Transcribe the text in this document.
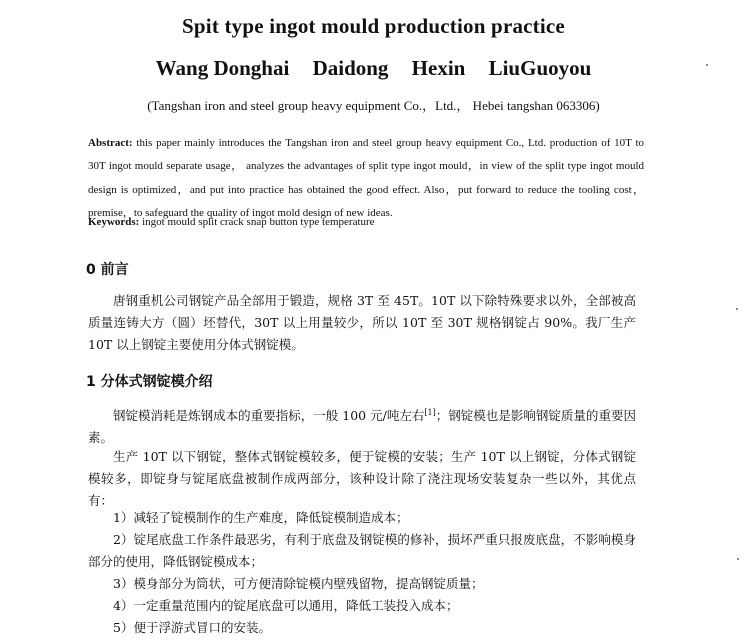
Spit type ingot mould production practice
Wang Donghai Daidong Hexin LiuGuoyou
(Tangshan iron and steel group heavy equipment Co.，Ltd.， Hebei tangshan 063306)
Abstract: this paper mainly introduces the Tangshan iron and steel group heavy equipment Co., Ltd. production of 10T to 30T ingot mould separate usage， analyzes the advantages of split type ingot mould，in view of the split type ingot mould design is optimized，and put into practice has obtained the good effect. Also，put forward to reduce the tooling cost，premise，to safeguard the quality of ingot mold design of new ideas.
Keywords: ingot mould split crack snap button type temperature
0 前言
唐钢重机公司钢锭产品全部用于锻造，规格 3T 至 45T。10T 以下除特殊要求以外，全部被高质量连铸大方（圆）坯替代，30T 以上用量较少，所以 10T 至 30T 规格钢锭占 90%。我厂生产 10T 以上钢锭主要使用分体式钢锭模。
1 分体式钢锭模介绍
钢锭模消耗是炼钢成本的重要指标，一般 100 元/吨左右[1]；钢锭模也是影响钢锭质量的重要因素。
生产 10T 以下钢锭，整体式钢锭模较多，便于锭模的安装；生产 10T 以上钢锭，分体式钢锭模较多，即锭身与锭尾底盘被制作成两部分，该种设计除了浇注现场安装复杂一些以外，其优点有：
1）减轻了锭模制作的生产难度，降低锭模制造成本；
2）锭尾底盘工作条件最恶劣，有利于底盘及钢锭模的修补，损坏严重只报废底盘，不影响模身部分的使用，降低钢锭模成本；
3）模身部分为筒状，可方便清除锭模内壁残留物，提高钢锭质量；
4）一定重量范围内的锭尾底盘可以通用，降低工装投入成本；
5）便于浮游式冒口的安装。
